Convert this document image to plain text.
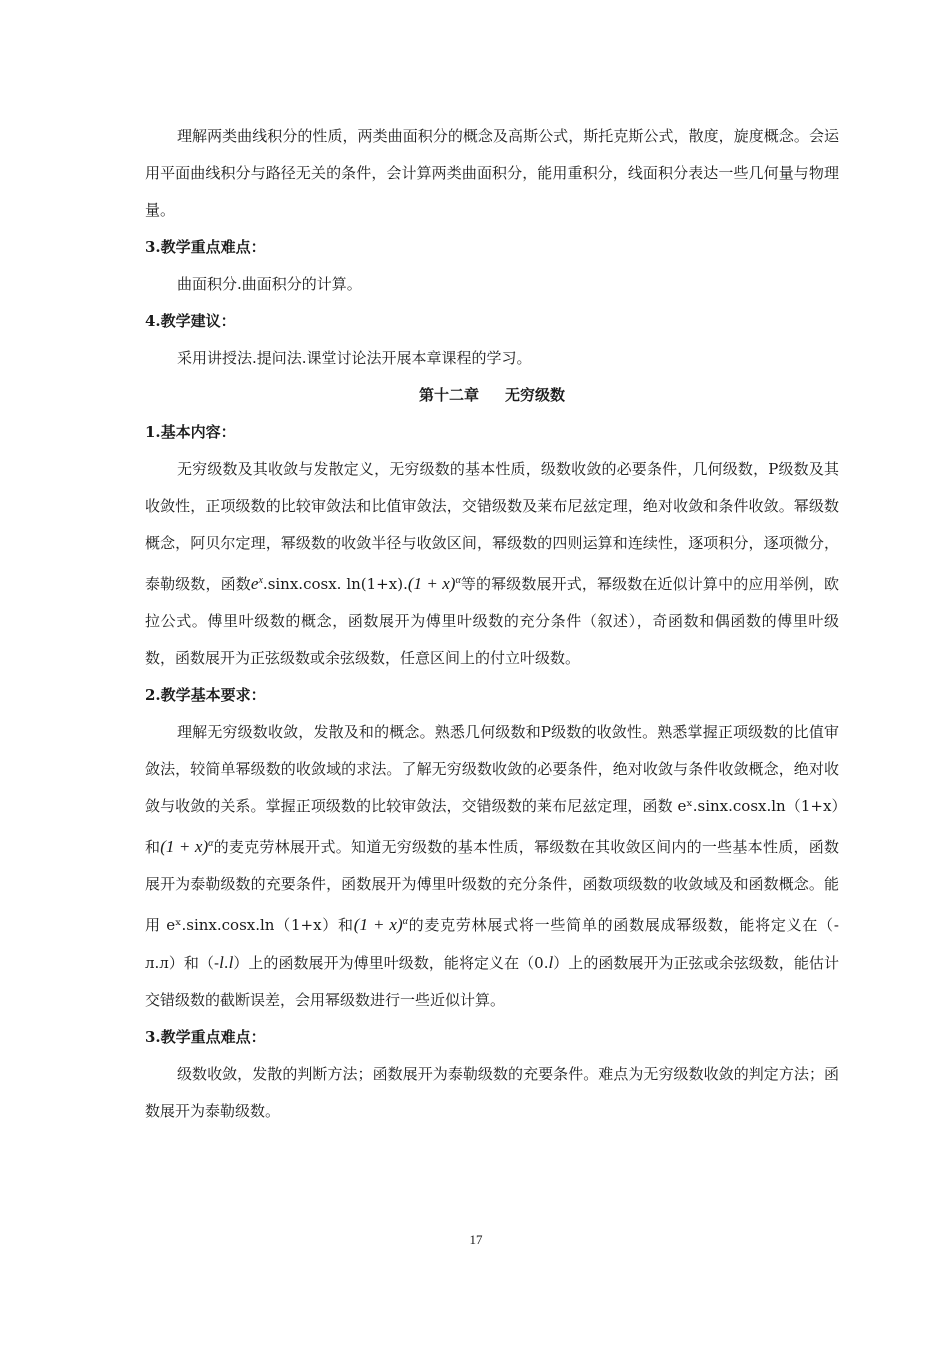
理解两类曲线积分的性质，两类曲面积分的概念及高斯公式，斯托克斯公式，散度，旋度概念。会运用平面曲线积分与路径无关的条件，会计算两类曲面积分，能用重积分，线面积分表达一些几何量与物理量。

3.教学重点难点：

曲面积分.曲面积分的计算。

4.教学建议：

采用讲授法.提问法.课堂讨论法开展本章课程的学习。

第十二章 无穷级数

1.基本内容：

无穷级数及其收敛与发散定义，无穷级数的基本性质，级数收敛的必要条件，几何级数，P级数及其收敛性，正项级数的比较审敛法和比值审敛法，交错级数及莱布尼兹定理，绝对收敛和条件收敛。幂级数概念，阿贝尔定理，幂级数的收敛半径与收敛区间，幂级数的四则运算和连续性，逐项积分，逐项微分，泰勒级数，函数$e^x.\sin x.\cos x$. $\ln(1+x).(1 + x)^\alpha$等的幂级数展开式，幂级数在近似计算中的应用举例，欧拉公式。傅里叶级数的概念，函数展开为傅里叶级数的充分条件（叙述），奇函数和偶函数的傅里叶级数，函数展开为正弦级数或余弦级数，任意区间上的付立叶级数。

2.教学基本要求：

理解无穷级数收敛，发散及和的概念。熟悉几何级数和P级数的收敛性。熟悉掌握正项级数的比值审敛法，较简单幂级数的收敛域的求法。了解无穷级数收敛的必要条件，绝对收敛与条件收敛概念，绝对收敛与收敛的关系。掌握正项级数的比较审敛法，交错级数的莱布尼兹定理，函数 eˣ.sinx.cosx.ln（1+x）和$(1 + x)^\alpha$的麦克劳林展开式。知道无穷级数的基本性质，幂级数在其收敛区间内的一些基本性质，函数展开为泰勒级数的充要条件，函数展开为傅里叶级数的充分条件，函数项级数的收敛域及和函数概念。能用 eˣ.sinx.cosx.ln（1+x）和$(1 + x)^\alpha$的麦克劳林展式将一些简单的函数展成幂级数，能将定义在（-л.л）和（-l.l）上的函数展开为傅里叶级数，能将定义在（0.l）上的函数展开为正弦或余弦级数，能估计交错级数的截断误差，会用幂级数进行一些近似计算。

3.教学重点难点：

级数收敛，发散的判断方法；函数展开为泰勒级数的充要条件。难点为无穷级数收敛的判定方法；函数展开为泰勒级数。

17
